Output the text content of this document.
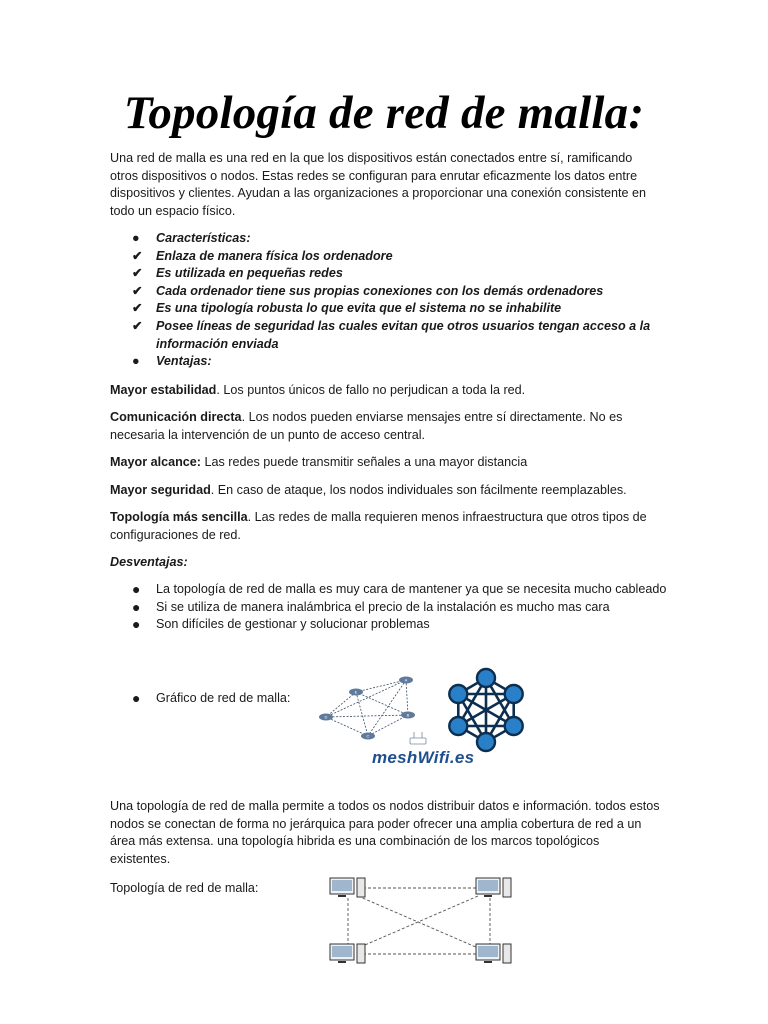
Topología de red de malla:

Una red de malla es una red en la que los dispositivos están conectados entre sí, ramificando otros dispositivos o nodos. Estas redes se configuran para enrutar eficazmente los datos entre dispositivos y clientes. Ayudan a las organizaciones a proporcionar una conexión consistente en todo un espacio físico.

●	Características:
✔	Enlaza de manera física los ordenadore
✔	Es utilizada en pequeñas redes
✔	Cada ordenador tiene sus propias conexiones con los demás ordenadores
✔	Es una tipología robusta lo que evita que el sistema no se inhabilite
✔	Posee líneas de seguridad las cuales evitan que otros usuarios tengan acceso a la información enviada
●	Ventajas:

Mayor estabilidad. Los puntos únicos de fallo no perjudican a toda la red.

Comunicación directa. Los nodos pueden enviarse mensajes entre sí directamente. No es necesaria la intervención de un punto de acceso central.

Mayor alcance: Las redes puede transmitir señales a una mayor distancia

Mayor seguridad. En caso de ataque, los nodos individuales son fácilmente reemplazables.

Topología más sencilla. Las redes de malla requieren menos infraestructura que otros tipos de configuraciones de red.

Desventajas:

● La topología de red de malla es muy cara de mantener ya que se necesita mucho cableado
● Si se utiliza de manera inalámbrica el precio de la instalación es mucho mas cara
● Son difíciles de gestionar y solucionar problemas
● Gráfico de red de malla:
A
B
C
D
E
meshWifi.es

Una topología de red de malla permite a todos os nodos distribuir datos e información. todos estos nodos se conectan de forma no jerárquica para poder ofrecer una amplia cobertura de red a un área más extensa. una topología hibrida es una combinación de los marcos topológicos existentes.

Topología de red de malla:
